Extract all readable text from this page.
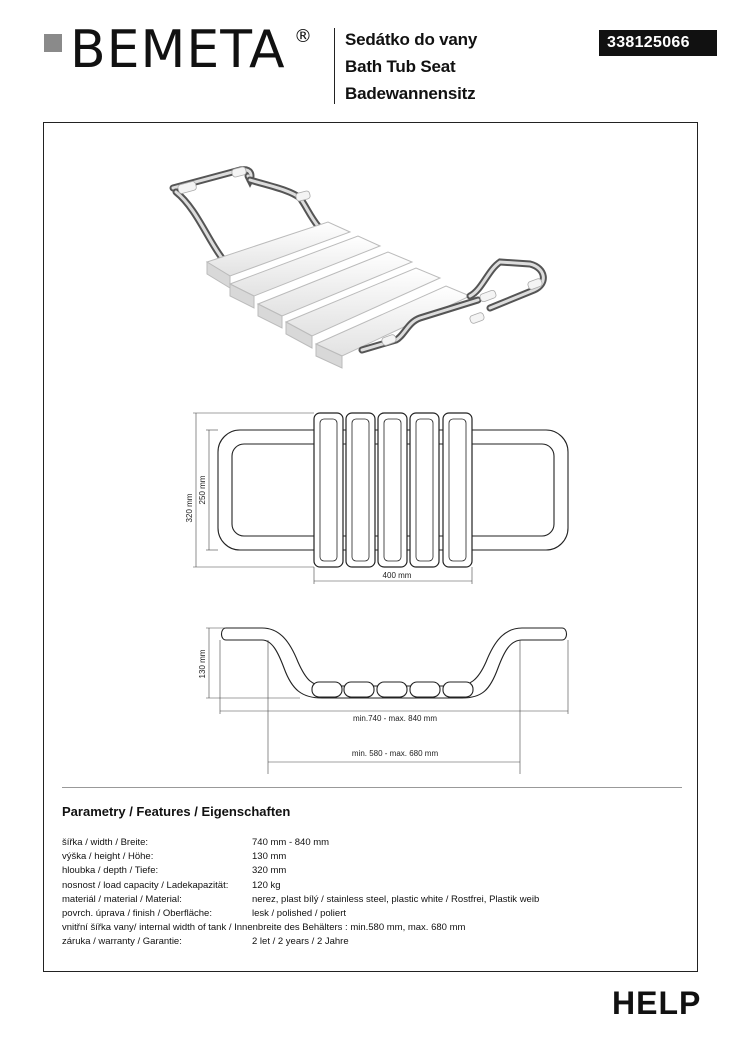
BEMETA ® Sedátko do vany
Bath Tub Seat
Badewannensitz
338125066
320 mm
250 mm
400 mm
130 mm
min.740 - max. 840 mm
min. 580 - max. 680 mm
Parametry / Features / Eigenschaften
šířka / width / Breite:	740 mm - 840 mm
výška / height / Höhe:	130 mm
hloubka / depth / Tiefe:	320 mm
nosnost / load capacity / Ladekapazität: 120 kg
materiál / material / Material:	nerez, plast bílý / stainless steel, plastic white / Rostfrei, Plastik weib
povrch. úprava / finish / Oberfläche:	lesk / polished / poliert
vnitřní šířka vany/ internal width of tank / Innenbreite des Behälters : min.580 mm, max. 680 mm
záruka / warranty / Garantie:	2 let / 2 years / 2 Jahre
HELP
